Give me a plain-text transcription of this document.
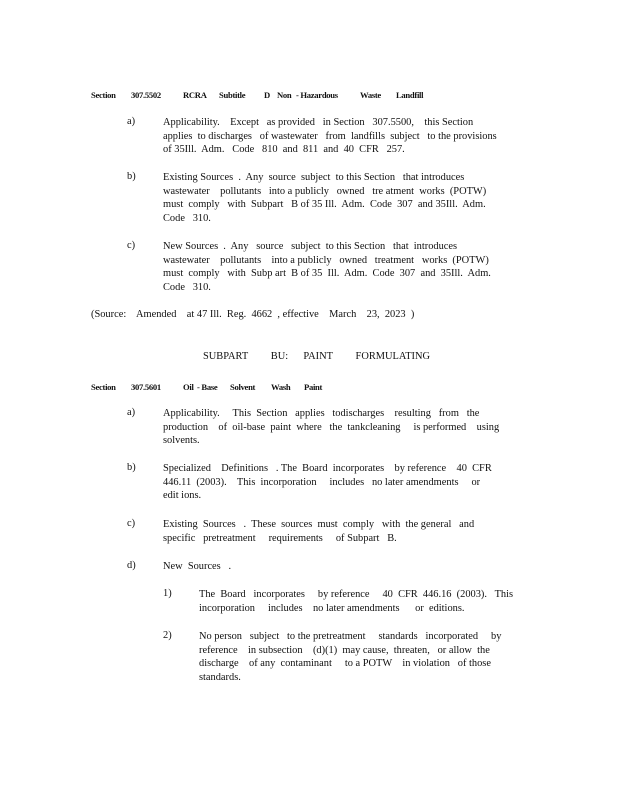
Section 307.5502	RCRA Subtitle D Non - Hazardous	Waste Landfill
a)	Applicability.    Except   as provided   in Section   307.5500,    this Section
applies  to discharges   of wastewater   from  landfills  subject   to the provisions
of 35Ill.  Adm.   Code   810  and  811  and  40  CFR   257.
b)	Existing Sources  .  Any  source  subject  to this Section   that introduces
wastewater    pollutants   into a publicly   owned   tre atment  works  (POTW)
must  comply   with  Subpart   B of 35 Ill.  Adm.  Code  307  and 35Ill.  Adm.
Code   310.
c)	New Sources  .  Any   source   subject  to this Section   that  introduces
wastewater    pollutants    into a publicly   owned   treatment   works  (POTW)
must  comply   with  Subp art  B of 35  Ill.  Adm.  Code  307  and  35Ill.  Adm.
Code   310.
(Source:    Amended    at 47 Ill.  Reg.  4662  , effective    March    23,  2023  )
SUBPART   BU:  PAINT   FORMULATING
Section 307.5601	Oil - Base Solvent Wash Paint
a)	Applicability.     This  Section   applies   todischarges    resulting   from   the
production    of  oil-base  paint  where   the  tankcleaning     is performed    using
solvents.
b)	Specialized    Definitions   . The  Board  incorporates    by reference    40  CFR
446.11  (2003).    This  incorporation     includes   no later amendments     or
edit ions.
c)	Existing  Sources   .  These  sources  must  comply   with  the general   and
specific   pretreatment     requirements     of Subpart   B.
d)	New  Sources   .
1)	The  Board   incorporates     by reference     40  CFR  446.16  (2003).   This
incorporation     includes    no later amendments      or  editions.
2)	No person   subject   to the pretreatment     standards   incorporated     by
reference    in subsection    (d)(1)  may cause,  threaten,   or allow  the
discharge    of any  contaminant     to a POTW    in violation   of those
standards.
